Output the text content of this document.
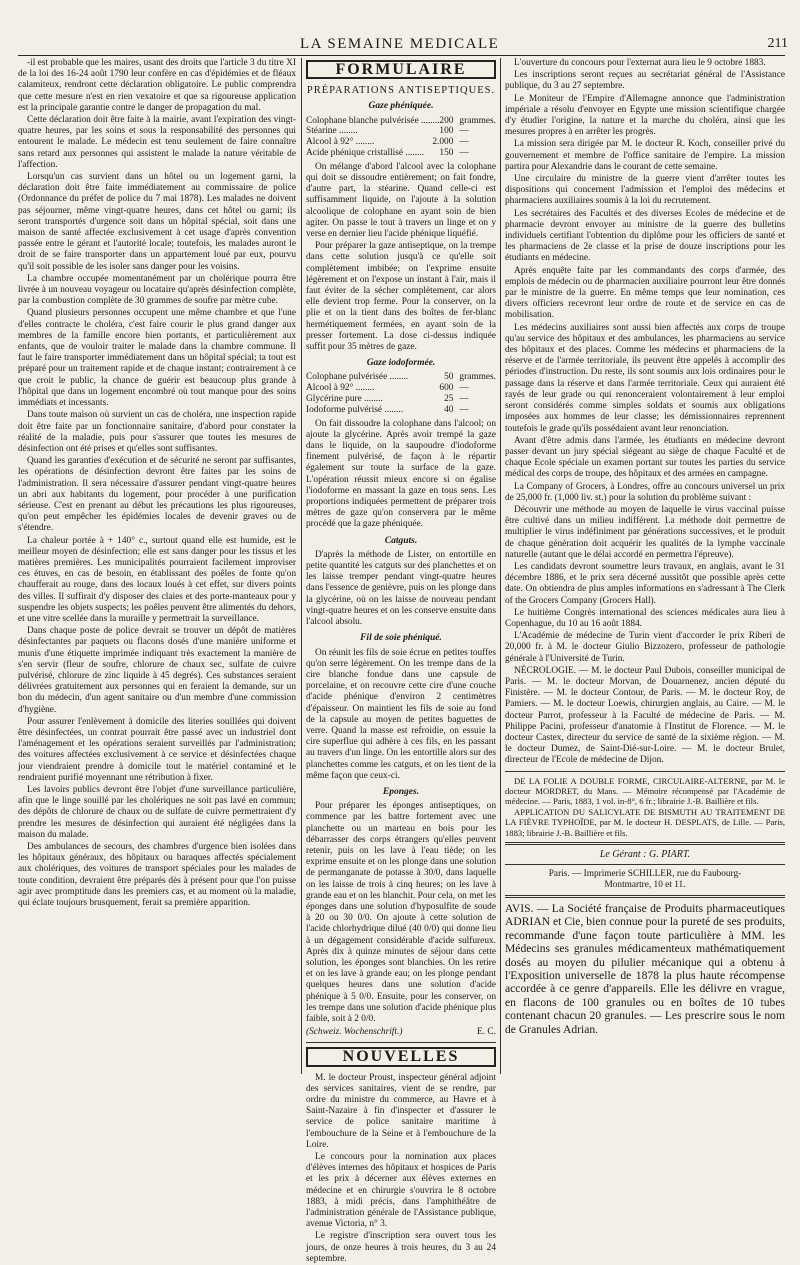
LA SEMAINE MEDICALE	211

-il est probable que les maires, usant des droits que l'article 3 du titre XI de la loi des 16-24 août 1790 leur confère en cas d'épidémies et de fléaux calamiteux, rendront cette déclaration obligatoire. Le public comprendra que cette mesure n'est en rien vexatoire et que sa rigoureuse application est la principale garantie contre le danger de propagation du mal.

Cette déclaration doit être faite à la mairie, avant l'expiration des vingt-quatre heures, par les soins et sous la responsabilité des personnes qui entourent le malade. Le médecin est tenu seulement de faire connaître sans retard aux personnes qui assistent le malade la nature véritable de l'affection.

Lorsqu'un cas survient dans un hôtel ou un logement garni, la déclaration doit être faite immédiatement au commissaire de police (Ordonnance du préfet de police du 7 mai 1878). Les malades ne doivent pas séjourner, même vingt-quatre heures, dans cet hôtel ou garni; ils seront transportés d'urgence soit dans un hôpital spécial, soit dans une maison de santé affectée exclusivement à cet usage d'après convention passée entre le gérant et l'autorité locale; toutefois, les malades auront le droit de se faire transporter dans un appartement loué par eux, pourvu qu'il soit possible de les isoler sans danger pour les voisins.

La chambre occupée momentanément par un cholérique pourra être livrée à un nouveau voyageur ou locataire qu'après désinfection complète, par la combustion complète de 30 grammes de soufre par mètre cube.

Quand plusieurs personnes occupent une même chambre et que l'une d'elles contracte le choléra, c'est faire courir le plus grand danger aux membres de la famille encore bien portants, et particulièrement aux enfants, que de vouloir traiter le malade dans la chambre commune. Il faut le faire transporter immédiatement dans un hôpital spécial; ta tout est préparé pour un traitement rapide et de chaque instant; contrairement à ce que croit le public, la chance de guérir est beaucoup plus grande à l'hôpital que dans un logement encombré où tout manque pour des soins immédiats et incessants.

Dans toute maison où survient un cas de choléra, une inspection rapide doit être faite par un fonctionnaire sanitaire, d'abord pour constater la réalité de la maladie, puis pour s'assurer que toutes les mesures de désinfection ont été prises et qu'elles sont suffisantes.

Quand les garanties d'exécution et de sécurité ne seront par suffisantes, les opérations de désinfection devront être faites par les soins de l'administration. Il sera nécessaire d'assurer pendant vingt-quatre heures un abri aux habitants du logement, pour procéder à une purification sérieuse. C'est en prenant au début les précautions les plus rigoureuses, qu'on peut empêcher les épidémies locales de devenir graves ou de s'étendre.

La chaleur portée à + 140° c., surtout quand elle est humide, est le meilleur moyen de désinfection; elle est sans danger pour les tissus et les matières premières. Les municipalités pourraient facilement improviser ces étuves, en cas de besoin, en établissant des poêles de fonte qu'on chaufferait au rouge, dans des locaux loués à cet effet, sur divers points des villes. Il suffirait d'y disposer des claies et des porte-manteaux pour y suspendre les objets suspects; les poêles peuvent être alimentés du dehors, et une vitre scellée dans la muraille y permettrait la surveillance.

Dans chaque poste de police devrait se trouver un dépôt de matières désinfectantes par paquets ou flacons dosés d'une manière uniforme et munis d'une étiquette imprimée indiquant très exactement la manière de s'en servir (fleur de soufre, chlorure de chaux sec, sulfate de cuivre pulvérisé, chlorure de zinc liquide à 45 degrés). Ces substances seraient délivrées gratuitement aux personnes qui en feraient la demande, sur un bon du médecin, d'un agent sanitaire ou d'un membre d'une commission d'hygiène.

Pour assurer l'enlèvement à domicile des literies souillées qui doivent être désinfectées, un contrat pourrait être passé avec un industriel dont l'aménagement et les opérations seraient surveillés par l'administration; des voitures affectées exclusivement à ce service et désinfectées chaque jour viendraient prendre à domicile tout le matériel contaminé et le rendraient purifié moyennant une rétribution à fixer.

Les lavoirs publics devront être l'objet d'une surveillance particulière, afin que le linge souillé par les cholériques ne soit pas lavé en commun; des dépôts de chlorure de chaux ou de sulfate de cuivre permettraient d'y prendre les mesures de désinfection qui auraient été négligées dans la maison du malade.

Des ambulances de secours, des chambres d'urgence bien isolées dans les hôpitaux généraux, des hôpitaux ou baraques affectés spécialement aux cholériques, des voitures de transport spéciales pour les malades de toute condition, devraient être préparés dès à présent pour que l'on puisse agir avec promptitude dans les premiers cas, et au moment où la maladie, qui éclate toujours brusquement, ferait sa première apparition.

FORMULAIRE
PRÉPARATIONS ANTISEPTIQUES.
Gaze phéniquée.
Colophane blanche pulvérisée ........	200	grammes.
Stéarine ........	100	—
Alcool à 92° ........	2.000	—
Acide phénique cristallisé ........	150	—

On mélange d'abord l'alcool avec la colophane qui doit se dissoudre entièrement; on fait fondre, d'autre part, la stéarine. Quand celle-ci est suffisamment liquide, on l'ajoute à la solution alcoolique de colophane en ayant soin de bien agiter. On passe le tout à travers un linge et on y verse en dernier lieu l'acide phénique liquéfié.

Pour préparer la gaze antiseptique, on la trempe dans cette solution jusqu'à ce qu'elle soit complètement imbibée; on l'exprime ensuite légèrement et on l'expose un instant à l'air, mais il faut éviter de la sécher complètement, car alors elle devient trop ferme. Pour la conserver, on la plie et on la tient dans des boîtes de fer-blanc hermétiquement fermées, en ayant soin de la presser fortement. La dose ci-dessus indiquée suffit pour 35 mètres de gaze.

Gaze iodoformée.
Colophane pulvérisée ........	50	grammes.
Alcool à 92° ........	600	—
Glycérine pure ........	25	—
Iodoforme pulvérisé ........	40	—

On fait dissoudre la colophane dans l'alcool; on ajoute la glycérine. Après avoir trempé la gaze dans le liquide, on la saupoudre d'iodoforme finement pulvérisé, de façon à le répartir également sur toute la surface de la gaze. L'opération réussit mieux encore si on égalise l'iodoforme en massant la gaze en tous sens. Les proportions indiquées permettent de préparer trois mètres de gaze qu'on conservera par le même procédé que la gaze phéniquée.

Catguts.

D'après la méthode de Lister, on entortille en petite quantité les catguts sur des planchettes et on les laisse tremper pendant vingt-quatre heures dans l'essence de genièvre, puis on les plonge dans la glycérine, où on les laisse de nouveau pendant vingt-quatre heures et on les conserve ensuite dans l'alcool absolu.

Fil de soie phéniqué.

On réunit les fils de soie écrue en petites touffes qu'on serre légèrement. On les trempe dans de la cire blanche fondue dans une capsule de porcelaine, et on recouvre cette cire d'une couche d'acide phénique d'environ 2 centimètres d'épaisseur. On maintient les fils de soie au fond de la capsule au moyen de petites baguettes de verre. Quand la masse est refroidie, on essuie la cire superflue qui adhère à ces fils, en les passant au travers d'un linge. On les entortille alors sur des planchettes comme les catguts, et on les tient de la même façon que ceux-ci.

Eponges.

Pour préparer les éponges antiseptiques, on commence par les battre fortement avec une planchette ou un marteau en bois pour les débarrasser des corps étrangers qu'elles peuvent retenir, puis on les lave à l'eau tiède; on les exprime ensuite et on les plonge dans une solution de permanganate de potasse à 30/0, dans laquelle on les laisse de trois à cinq heures; on les lave à grande eau et on les blanchit. Pour cela, on met les éponges dans une solution d'hyposulfite de soude à 20 ou 30 0/0. On ajoute à cette solution de l'acide chlorhydrique dilué (40 0/0) qui donne lieu à un dégagement considérable d'acide sulfureux. Après dix à quinze minutes de séjour dans cette solution, les éponges sont blanchies. On les retire et on les lave à grande eau; on les plonge pendant quelques heures dans une solution d'acide phénique à 5 0/0. Ensuite, pour les conserver, on les trempe dans une solution d'acide phénique plus faible, soit à 2 0/0.

(Schweiz. Wochenschrift.)	E. C.
NOUVELLES

M. le docteur Proust, inspecteur général adjoint des services sanitaires, vient de se rendre, par ordre du ministre du commerce, au Havre et à Saint-Nazaire à fin d'inspecter et d'assurer le service de police sanitaire maritime à l'embouchure de la Seine et à l'embouchure de la Loire.

Le concours pour la nomination aux places d'élèves internes des hôpitaux et hospices de Paris et les prix à décerner aux élèves externes en médecine et en chirurgie s'ouvrira le 8 octobre 1883, à midi précis, dans l'amphithéâtre de l'administration générale de l'Assistance publique, avenue Victoria, n° 3.

Le registre d'inscription sera ouvert tous les jours, de onze heures à trois heures, du 3 au 24 septembre.

L'ouverture du concours pour l'externat aura lieu le 9 octobre 1883.

Les inscriptions seront reçues au secrétariat général de l'Assistance publique, du 3 au 27 septembre.

Le Moniteur de l'Empire d'Allemagne annonce que l'administration impériale a résolu d'envoyer en Egypte une mission scientifique chargée d'y étudier l'origine, la nature et la marche du choléra, ainsi que les mesures propres à en arrêter les progrès.

La mission sera dirigée par M. le docteur R. Koch, conseiller privé du gouvernement et membre de l'office sanitaire de l'empire. La mission partira pour Alexandrie dans le courant de cette semaine.

Une circulaire du ministre de la guerre vient d'arrêter toutes les dispositions qui concernent l'admission et l'emploi des médecins et pharmaciens auxiliaires soumis à la loi du recrutement.

Les secrétaires des Facultés et des diverses Ecoles de médecine et de pharmacie devront envoyer au ministre de la guerre des bulletins individuels certifiant l'obtention du diplôme pour les officiers de santé et les pharmaciens de 2e classe et la prise de douze inscriptions pour les étudiants en médecine.

Après enquête faite par les commandants des corps d'armée, des emplois de médecin ou de pharmacien auxiliaire pourront leur être donnés par le ministre de la guerre. En même temps que leur nomination, ces divers officiers recevront leur ordre de route et de service en cas de mobilisation.

Les médecins auxiliaires sont aussi bien affectés aux corps de troupe qu'au service des hôpitaux et des ambulances, les pharmaciens au service des hôpitaux et des places. Comme les médecins et pharmaciens de la réserve et de l'armée territoriale, ils peuvent être appelés à accomplir des périodes d'instruction. Du reste, ils sont soumis aux lois ordinaires pour le passage dans la réserve et dans l'armée territoriale. Ceux qui auraient été rayés de leur grade ou qui renonceraient volontairement à leur emploi seront considérés comme simples soldats et soumis aux obligations imposées aux hommes de leur classe; les démissionnaires reprennent toutefois le grade qu'ils possédaient avant leur renonciation.

Avant d'être admis dans l'armée, les étudiants en médecine devront passer devant un jury spécial siégeant au siège de chaque Faculté et de chaque Ecole spéciale un examen portant sur toutes les parties du service médical des corps de troupe, des hôpitaux et des armées en campagne.

La Company of Grocers, à Londres, offre au concours universel un prix de 25,000 fr. (1,000 liv. st.) pour la solution du problème suivant :

Découvrir une méthode au moyen de laquelle le virus vaccinal puisse être cultivé dans un milieu indifférent. La méthode doit permettre de multiplier le virus indéfiniment par générations successives, et le produit de chaque génération doit acquérir les qualités de la lymphe vaccinale naturelle (autant que le délai accordé en permettra l'épreuve).

Les candidats devront soumettre leurs travaux, en anglais, avant le 31 décembre 1886, et le prix sera décerné aussitôt que possible après cette date. On obtiendra de plus amples informations en s'adressant à The Clerk of the Grocers Company (Grocers Hall).

Le huitième Congrès international des sciences médicales aura lieu à Copenhague, du 10 au 16 août 1884.

L'Académie de médecine de Turin vient d'accorder le prix Riberi de 20,000 fr. à M. le docteur Giulio Bizzozero, professeur de pathologie générale à l'Université de Turin.

NÉCROLOGIE. — M. le docteur Paul Dubois, conseiller municipal de Paris. — M. le docteur Morvan, de Douarnenez, ancien député du Finistère. — M. le docteur Contour, de Paris. — M. le docteur Roy, de Pamiers. — M. le docteur Loewis, chirurgien anglais, au Caire. — M. le docteur Parrot, professeur à la Faculté de médecine de Paris. — M. Philippe Pacini, professeur d'anatomie à l'Institut de Florence. — M. le docteur Castex, directeur du service de santé de la sixième région. — M. le docteur Dumez, de Saint-Dié-sur-Loire. — M. le docteur Brulet, directeur de l'Ecole de médecine de Dijon.

DE LA FOLIE A DOUBLE FORME, CIRCULAIRE-ALTERNE, par M. le docteur MORDRET, du Mans. — Mémoire récompensé par l'Académie de médecine. — Paris, 1883, 1 vol. in-8°, 6 fr.; librairie J.-B. Baillière et fils.

APPLICATION DU SALICYLATE DE BISMUTH AU TRAITEMENT DE LA FIÈVRE TYPHOÏDE, par M. le docteur H. DESPLATS, de Lille. — Paris, 1883; librairie J.-B. Baillière et fils.

Le Gérant : G. PIART.
Paris. — Imprimerie SCHILLER, rue du Faubourg-
Montmartre, 10 et 11.
AVIS. — La Société française de Produits pharmaceutiques ADRIAN et Cie, bien connue pour la pureté de ses produits, recommande d'une façon toute particulière à MM. les Médecins ses granules médicamenteux mathématiquement dosés au moyen du pilulier mécanique qui a obtenu à l'Exposition universelle de 1878 la plus haute récompense accordée à ce genre d'appareils. Elle les délivre en vrague, en flacons de 100 granules ou en boîtes de 10 tubes contenant chacun 20 granules. — Les prescrire sous le nom de Granules Adrian.
